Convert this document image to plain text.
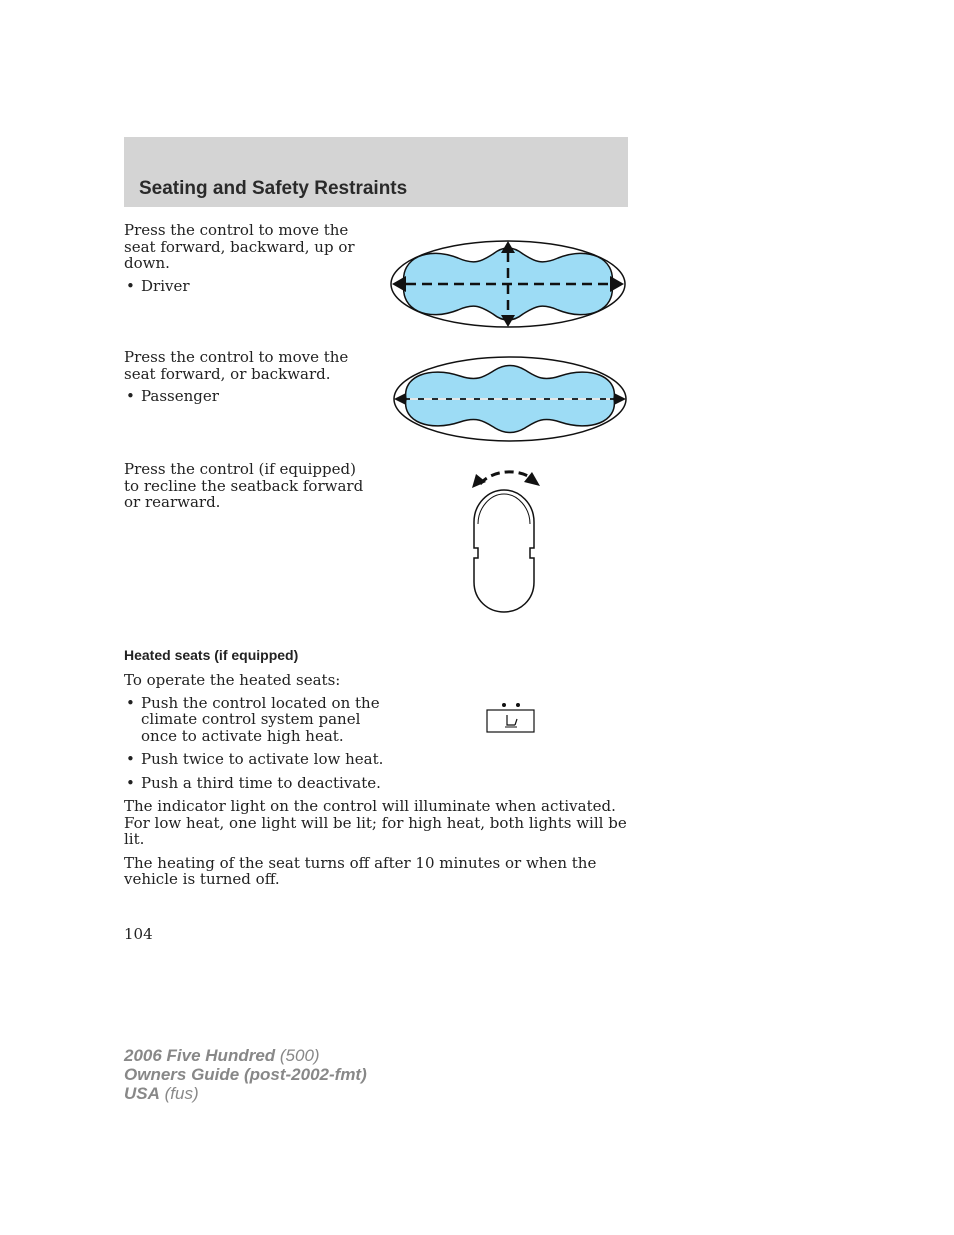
Seating and Safety Restraints

Press the control to move the seat forward, backward, up or down.

• Driver

Press the control to move the seat forward, or backward.

• Passenger

Press the control (if equipped) to recline the seatback forward or rearward.

Heated seats (if equipped)

To operate the heated seats:

• Push the control located on the climate control system panel once to activate high heat.
• Push twice to activate low heat.
• Push a third time to deactivate.

The indicator light on the control will illuminate when activated. For low heat, one light will be lit; for high heat, both lights will be lit.

The heating of the seat turns off after 10 minutes or when the vehicle is turned off.

104
2006 Five Hundred (500)
Owners Guide (post-2002-fmt)
USA (fus)
